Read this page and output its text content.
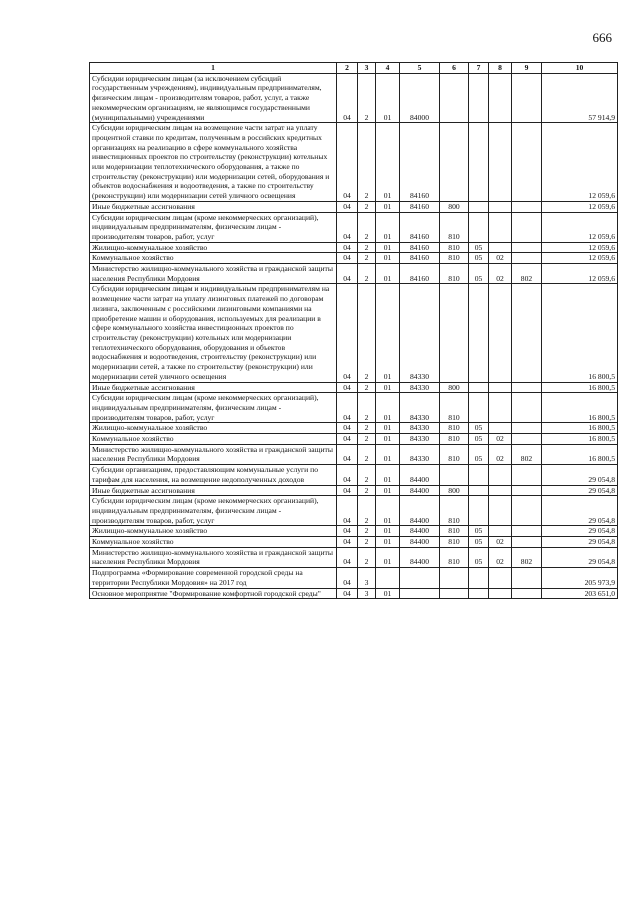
666
1	2	3	4	5	6	7	8	9	10
Субсидии юридическим лицам (за исключением субсидий государственным учреждениям), индивидуальным предпринимателям, физическим лицам - производителям товаров, работ, услуг, а также некоммерческим организациям, не являющимся государственными (муниципальными) учреждениями	04	2	01	84000					57 914,9
Субсидии юридическим лицам на возмещение части затрат на уплату процентной ставки по кредитам, полученным в российских кредитных организациях на реализацию в сфере коммунального хозяйства инвестиционных проектов по строительству (реконструкции) котельных или модернизации теплотехнического оборудования, а также по строительству (реконструкции) или модернизации сетей, оборудования и объектов водоснабжения и водоотведения, а также по строительству (реконструкции) или модернизации сетей уличного освещения	04	2	01	84160					12 059,6
Иные бюджетные ассигнования	04	2	01	84160	800				12 059,6
Субсидии юридическим лицам (кроме некоммерческих организаций), индивидуальным предпринимателям, физическим лицам - производителям товаров, работ, услуг	04	2	01	84160	810				12 059,6
Жилищно-коммунальное хозяйство	04	2	01	84160	810	05			12 059,6
Коммунальное хозяйство	04	2	01	84160	810	05	02		12 059,6
Министерство жилищно-коммунального хозяйства и гражданской защиты населения Республики Мордовия	04	2	01	84160	810	05	02	802	12 059,6
Субсидии юридическим лицам и индивидуальным предпринимателям на возмещение части затрат на уплату лизинговых платежей по договорам лизинга, заключенным с российскими лизинговыми компаниями на приобретение машин и оборудования, используемых для реализации в сфере коммунального хозяйства инвестиционных проектов по строительству (реконструкции) котельных или модернизации теплотехнического оборудования, оборудования и объектов водоснабжения и водоотведения, строительству (реконструкции) или модернизации сетей, а также по строительству (реконструкции) или модернизации сетей уличного освещения	04	2	01	84330					16 800,5
Иные бюджетные ассигнования	04	2	01	84330	800				16 800,5
Субсидии юридическим лицам (кроме некоммерческих организаций), индивидуальным предпринимателям, физическим лицам - производителям товаров, работ, услуг	04	2	01	84330	810				16 800,5
Жилищно-коммунальное хозяйство	04	2	01	84330	810	05			16 800,5
Коммунальное хозяйство	04	2	01	84330	810	05	02		16 800,5
Министерство жилищно-коммунального хозяйства и гражданской защиты населения Республики Мордовия	04	2	01	84330	810	05	02	802	16 800,5
Субсидии организациям, предоставляющим коммунальные услуги по тарифам для населения, на возмещение недополученных доходов	04	2	01	84400					29 054,8
Иные бюджетные ассигнования	04	2	01	84400	800				29 054,8
Субсидии юридическим лицам (кроме некоммерческих организаций), индивидуальным предпринимателям, физическим лицам - производителям товаров, работ, услуг	04	2	01	84400	810				29 054,8
Жилищно-коммунальное хозяйство	04	2	01	84400	810	05			29 054,8
Коммунальное хозяйство	04	2	01	84400	810	05	02		29 054,8
Министерство жилищно-коммунального хозяйства и гражданской защиты населения Республики Мордовия	04	2	01	84400	810	05	02	802	29 054,8
Подпрограмма «Формирование современной городской среды на территории Республики Мордовия» на 2017 год	04	3							205 973,9
Основное мероприятие "Формирование комфортной городской среды"	04	3	01						203 651,0
